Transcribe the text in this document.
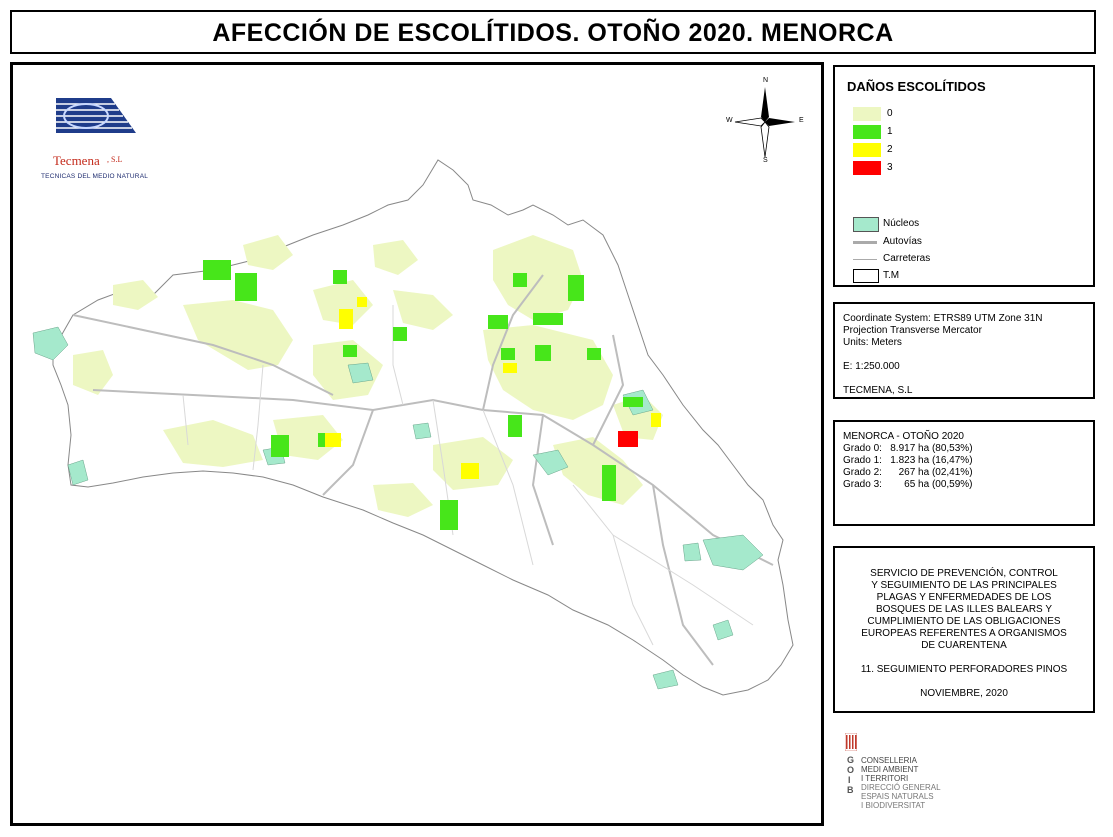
AFECCIÓN DE ESCOLÍTIDOS. OTOÑO 2020. MENORCA
Tecmena , S.L
TECNICAS DEL MEDIO NATURAL
N
S
W	E
DAÑOS ESCOLÍTIDOS
0
1
2
3
Núcleos
Autovías
Carreteras
T.M
Coordinate System: ETRS89 UTM Zone 31N
Projection Transverse Mercator
Units: Meters
E: 1:250.000
TECMENA, S.L
MENORCA - OTOÑO 2020
Grado 0:   8.917 ha (80,53%)
Grado 1:   1.823 ha (16,47%)
Grado 2:      267 ha (02,41%)
Grado 3:        65 ha (00,59%)
SERVICIO DE PREVENCIÓN, CONTROL
Y SEGUIMIENTO DE LAS PRINCIPALES
PLAGAS Y ENFERMEDADES DE LOS
BOSQUES DE LAS ILLES BALEARS Y
CUMPLIMIENTO DE LAS OBLIGACIONES
EUROPEAS REFERENTES A ORGANISMOS
DE CUARENTENA
11. SEGUIMIENTO PERFORADORES PINOS
NOVIEMBRE, 2020
G
O
I
B
CONSELLERIA
MEDI AMBIENT
I TERRITORI
DIRECCIÓ GENERAL
ESPAIS NATURALS
I BIODIVERSITAT
